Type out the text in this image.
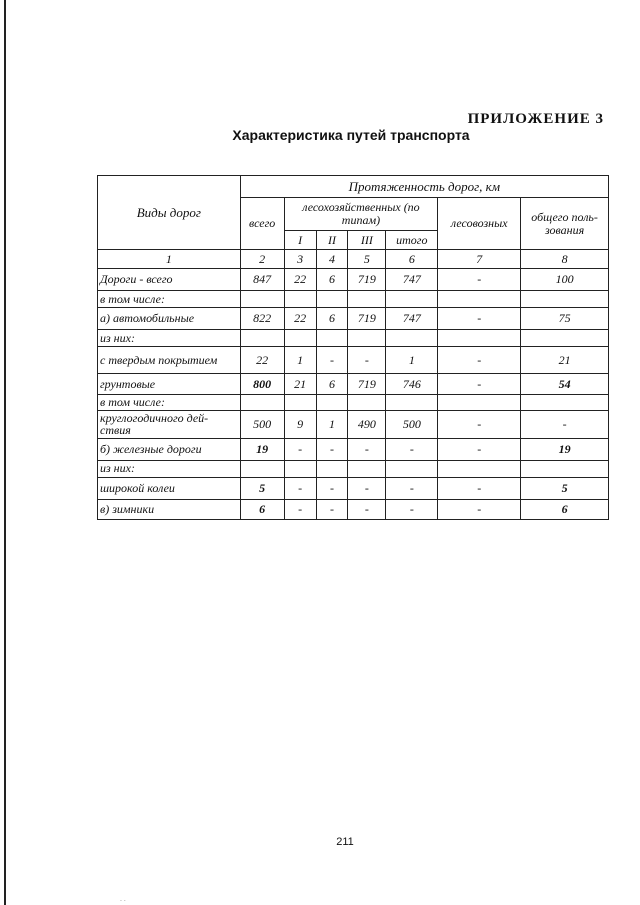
ПРИЛОЖЕНИЕ 3
Характеристика путей транспорта
Виды дорог	Протяженность дорог, км						
	всего	лесохозяйственных (по типам)				лесовозных	общего поль-зования
		I	II	III	итого		
1	2	3	4	5	6	7	8
Дороги - всего	847	22	6	719	747	-	100
в том числе:							
а) автомобильные	822	22	6	719	747	-	75
из них:							
с твердым покрытием	22	1	-	-	1	-	21
грунтовые	800	21	6	719	746	-	54
в том числе:							
круглогодичного дей-ствия	500	9	1	490	500	-	-
б) железные дороги	19	-	-	-	-	-	19
из них:							
широкой колеи	5	-	-	-	-	-	5
в) зимники	6	-	-	-	-	-	6
211
. .
